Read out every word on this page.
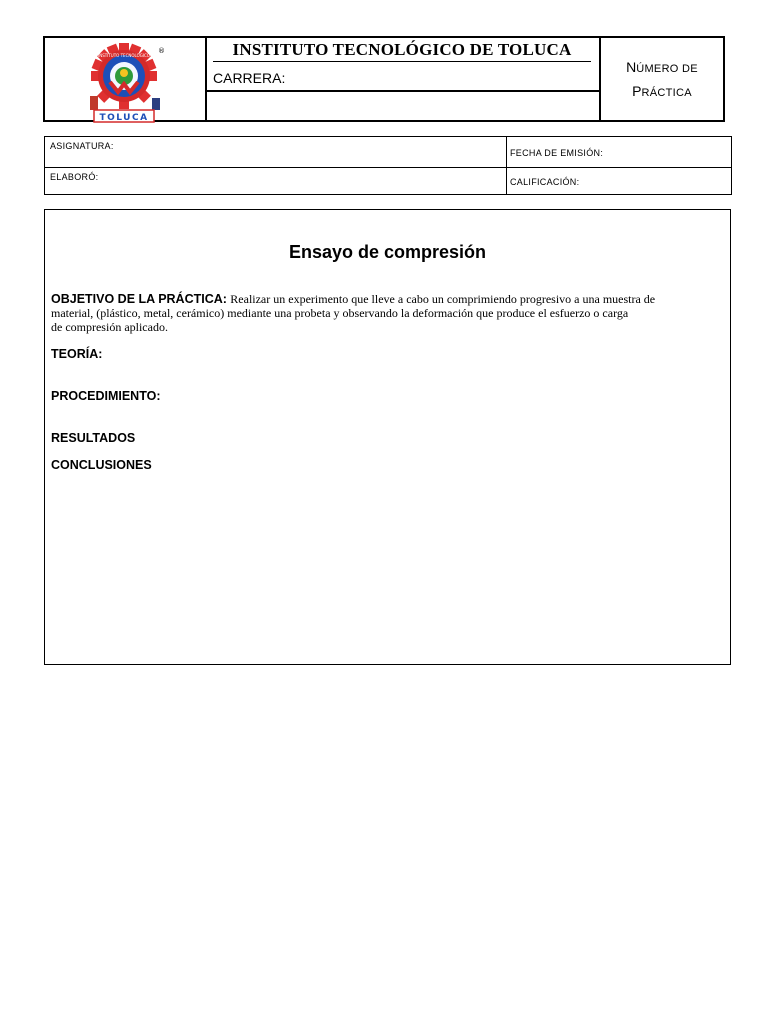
INSTITUTO TECNOLOGICO
®
TOLUCA
INSTITUTO TECNOLÓGICO DE TOLUCA
CARRERA:
NÚMERO DE
PRÁCTICA
ASIGNATURA:
FECHA DE EMISIÓN:
ELABORÓ:	CALIFICACIÓN:
Ensayo de compresión
OBJETIVO DE LA PRÁCTICA: Realizar un experimento que lleve a cabo un comprimiendo progresivo a una muestra de
material, (plástico, metal, cerámico) mediante una probeta y observando la deformación que produce el esfuerzo o carga
de compresión aplicado.
TEORÍA:
PROCEDIMIENTO:
RESULTADOS
CONCLUSIONES
